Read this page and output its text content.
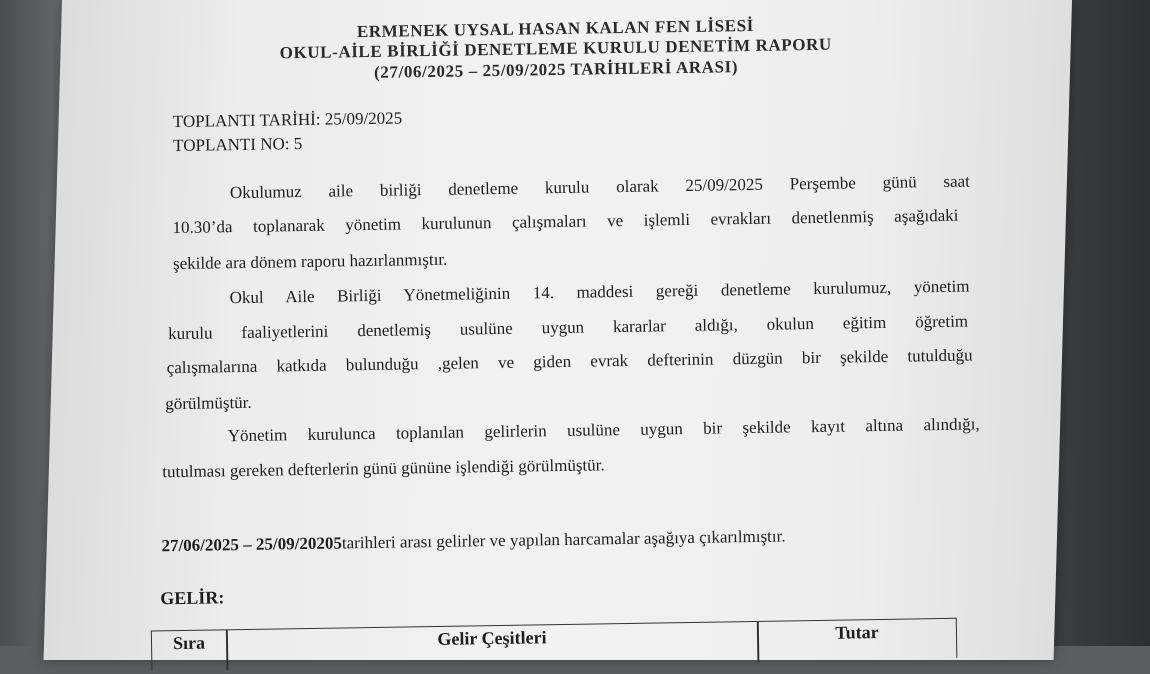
ERMENEK UYSAL HASAN KALAN FEN LİSESİ
OKUL-AİLE BİRLİĞİ DENETLEME KURULU DENETİM RAPORU
(27/06/2025 – 25/09/2025 TARİHLERİ ARASI)
TOPLANTI TARİHİ: 25/09/2025
TOPLANTI NO: 5
Okulumuz aile birliği denetleme kurulu olarak 25/09/2025 Perşembe günü saat
10.30’da toplanarak yönetim kurulunun çalışmaları ve işlemli evrakları denetlenmiş aşağıdaki
şekilde ara dönem raporu hazırlanmıştır.
Okul Aile Birliği Yönetmeliğinin 14. maddesi gereği denetleme kurulumuz, yönetim
kurulu faaliyetlerini denetlemiş usulüne uygun kararlar aldığı, okulun eğitim öğretim
çalışmalarına katkıda bulunduğu ,gelen ve giden evrak defterinin düzgün bir şekilde tutulduğu
görülmüştür.
Yönetim kurulunca toplanılan gelirlerin usulüne uygun bir şekilde kayıt altına alındığı,
tutulması gereken defterlerin günü gününe işlendiği görülmüştür.
27/06/2025 – 25/09/20205tarihleri arası gelirler ve yapılan harcamalar aşağıya çıkarılmıştır.
GELİR:
Sıra	Gelir Çeşitleri	Tutar
